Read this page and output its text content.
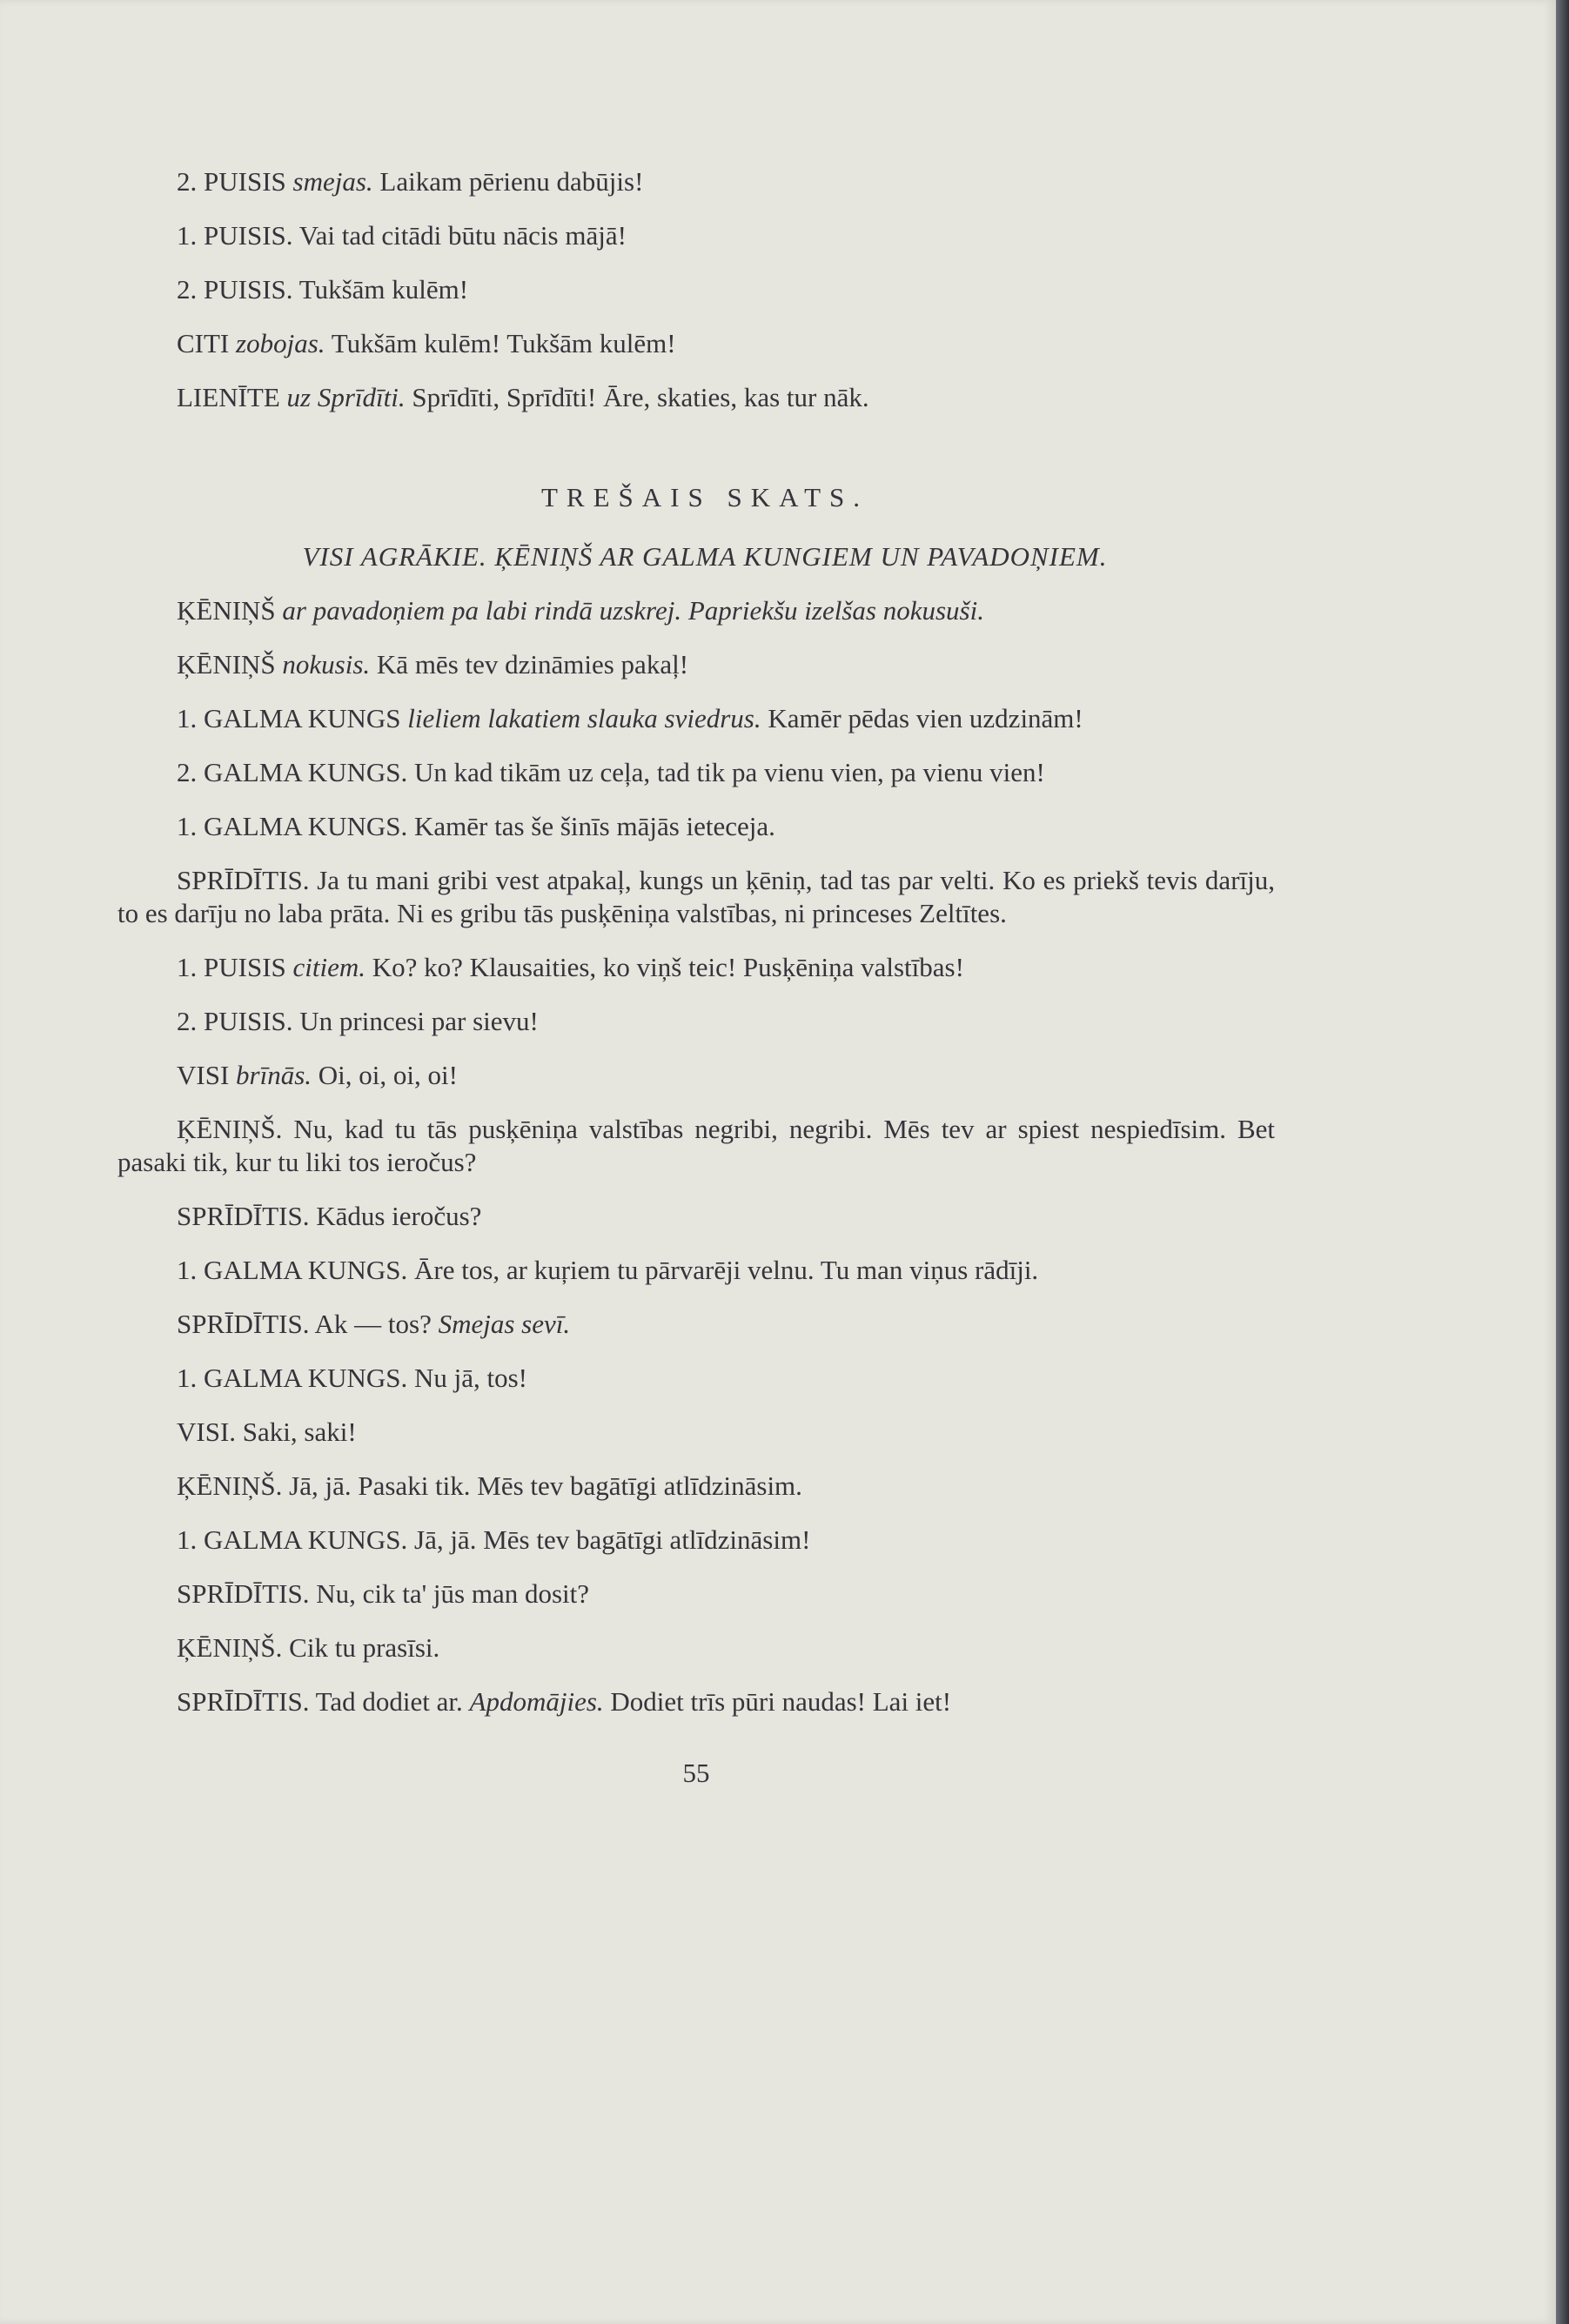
2. PUISIS smejas. Laikam pērienu dabūjis!

1. PUISIS. Vai tad citādi būtu nācis mājā!

2. PUISIS. Tukšām kulēm!

CITI zobojas. Tukšām kulēm! Tukšām kulēm!

LIENĪTE uz Sprīdīti. Sprīdīti, Sprīdīti! Āre, skaties, kas tur nāk.

TREŠAIS SKATS.

VISI AGRĀKIE. ĶĒNIŅŠ AR GALMA KUNGIEM UN PAVADOŅIEM.

ĶĒNIŅŠ ar pavadoņiem pa labi rindā uzskrej. Papriekšu izelšas nokusuši.

ĶĒNIŅŠ nokusis. Kā mēs tev dzināmies pakaļ!

1. GALMA KUNGS lieliem lakatiem slauka sviedrus. Kamēr pēdas vien uzdzinām!

2. GALMA KUNGS. Un kad tikām uz ceļa, tad tik pa vienu vien, pa vienu vien!

1. GALMA KUNGS. Kamēr tas še šinīs mājās ieteceja.

SPRĪDĪTIS. Ja tu mani gribi vest atpakaļ, kungs un ķēniņ, tad tas par velti. Ko es priekš tevis darīju, to es darīju no laba prāta. Ni es gribu tās pusķēniņa valstības, ni princeses Zeltītes.

1. PUISIS citiem. Ko? ko? Klausaities, ko viņš teic! Pusķēniņa valstības!

2. PUISIS. Un princesi par sievu!

VISI brīnās. Oi, oi, oi, oi!

ĶĒNIŅŠ. Nu, kad tu tās pusķēniņa valstības negribi, negribi. Mēs tev ar spiest nespiedīsim. Bet pasaki tik, kur tu liki tos ieročus?

SPRĪDĪTIS. Kādus ieročus?

1. GALMA KUNGS. Āre tos, ar kuŗiem tu pārvarēji velnu. Tu man viņus rādīji.

SPRĪDĪTIS. Ak — tos? Smejas sevī.

1. GALMA KUNGS. Nu jā, tos!

VISI. Saki, saki!

ĶĒNIŅŠ. Jā, jā. Pasaki tik. Mēs tev bagātīgi atlīdzināsim.

1. GALMA KUNGS. Jā, jā. Mēs tev bagātīgi atlīdzināsim!

SPRĪDĪTIS. Nu, cik ta' jūs man dosit?

ĶĒNIŅŠ. Cik tu prasīsi.

SPRĪDĪTIS. Tad dodiet ar. Apdomājies. Dodiet trīs pūri naudas! Lai iet!

55
